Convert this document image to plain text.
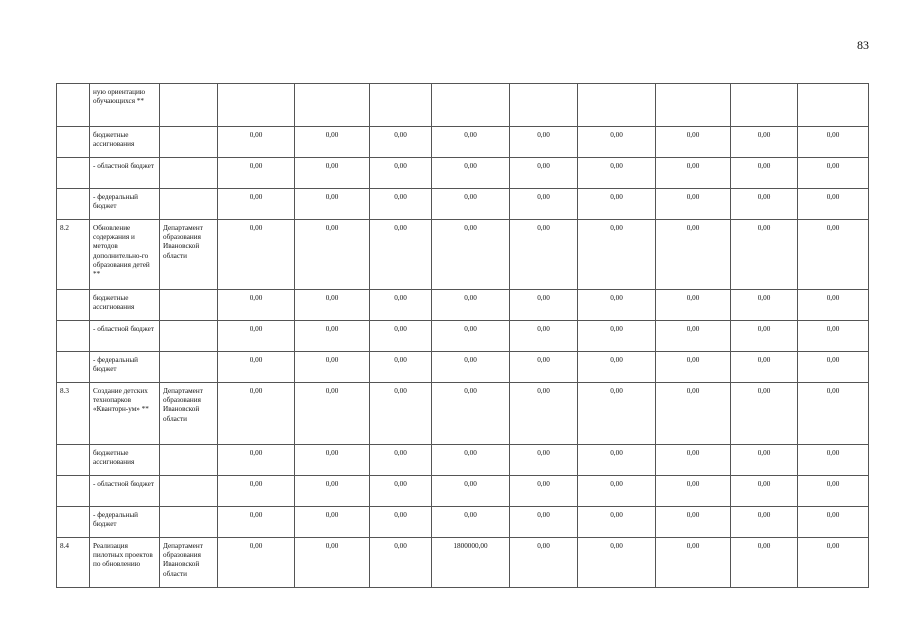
83
	ную ориентацию обучающихся **										
	бюджетные ассигнования		0,00	0,00	0,00	0,00	0,00	0,00	0,00	0,00	0,00
	- областной бюджет		0,00	0,00	0,00	0,00	0,00	0,00	0,00	0,00	0,00
	- федеральный бюджет		0,00	0,00	0,00	0,00	0,00	0,00	0,00	0,00	0,00
8.2	Обновление содержания и методов дополнительно-го образования детей **	Департамент образования Ивановской области	0,00	0,00	0,00	0,00	0,00	0,00	0,00	0,00	0,00
	бюджетные ассигнования		0,00	0,00	0,00	0,00	0,00	0,00	0,00	0,00	0,00
	- областной бюджет		0,00	0,00	0,00	0,00	0,00	0,00	0,00	0,00	0,00
	- федеральный бюджет		0,00	0,00	0,00	0,00	0,00	0,00	0,00	0,00	0,00
8.3	Создание детских технопарков «Кванторн-ум» **	Департамент образования Ивановской области	0,00	0,00	0,00	0,00	0,00	0,00	0,00	0,00	0,00
	бюджетные ассигнования		0,00	0,00	0,00	0,00	0,00	0,00	0,00	0,00	0,00
	- областной бюджет		0,00	0,00	0,00	0,00	0,00	0,00	0,00	0,00	0,00
	- федеральный бюджет		0,00	0,00	0,00	0,00	0,00	0,00	0,00	0,00	0,00
8.4	Реализация пилотных проектов по обновлению	Департамент образования Ивановской области	0,00	0,00	0,00	1800000,00	0,00	0,00	0,00	0,00	0,00
